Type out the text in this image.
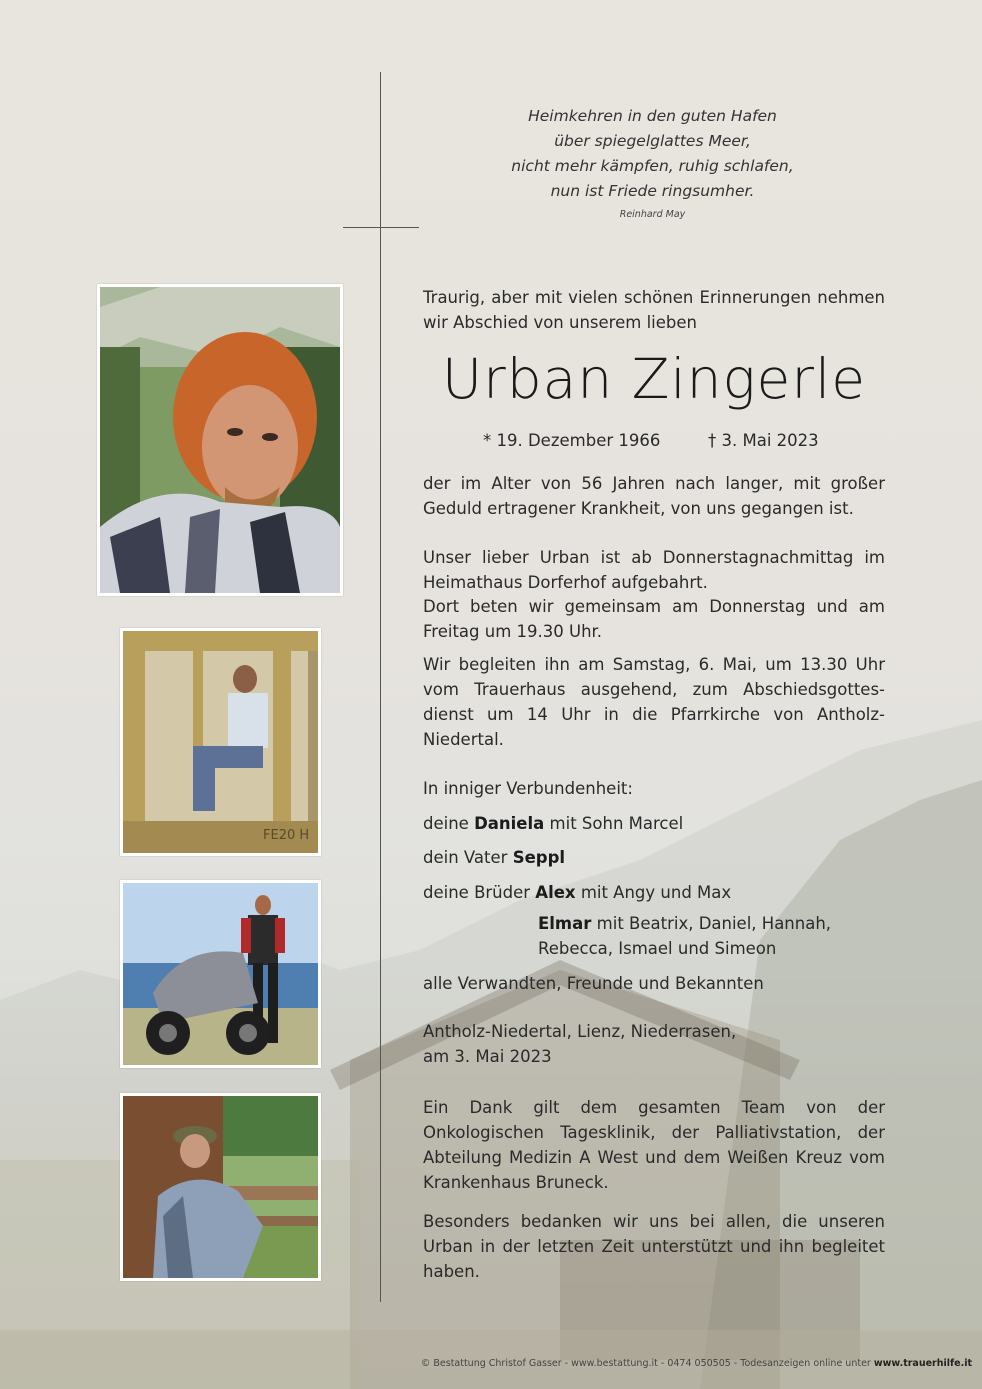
Heimkehren in den guten Hafen
über spiegelglattes Meer,
nicht mehr kämpfen, ruhig schlafen,
nun ist Friede ringsumher.
Reinhard May
FE20 H
Traurig, aber mit vielen schönen Erinnerungen nehmen wir Abschied von unserem lieben
Urban Zingerle
* 19. Dezember 1966	† 3. Mai 2023
der im Alter von 56 Jahren nach langer, mit großer Geduld ertragener Krankheit, von uns gegangen ist.
Unser lieber Urban ist ab Donnerstagnachmittag im Heimathaus Dorferhof aufgebahrt.
Dort beten wir gemeinsam am Donnerstag und am Freitag um 19.30 Uhr.
Wir begleiten ihn am Samstag, 6. Mai, um 13.30 Uhr vom Trauerhaus ausgehend, zum Abschiedsgottes-dienst um 14 Uhr in die Pfarrkirche von Antholz-Niedertal.
In inniger Verbundenheit:
deine Daniela mit Sohn Marcel
dein Vater Seppl
deine Brüder Alex mit Angy und Max
Elmar mit Beatrix, Daniel, Hannah,
Rebecca, Ismael und Simeon
alle Verwandten, Freunde und Bekannten
Antholz-Niedertal, Lienz, Niederrasen,
am 3. Mai 2023
Ein Dank gilt dem gesamten Team von der Onkologischen Tagesklinik, der Palliativstation, der Abteilung Medizin A West und dem Weißen Kreuz vom Krankenhaus Bruneck.
Besonders bedanken wir uns bei allen, die unseren Urban in der letzten Zeit unterstützt und ihn begleitet haben.
© Bestattung Christof Gasser - www.bestattung.it - 0474 050505 - Todesanzeigen online unter www.trauerhilfe.it
